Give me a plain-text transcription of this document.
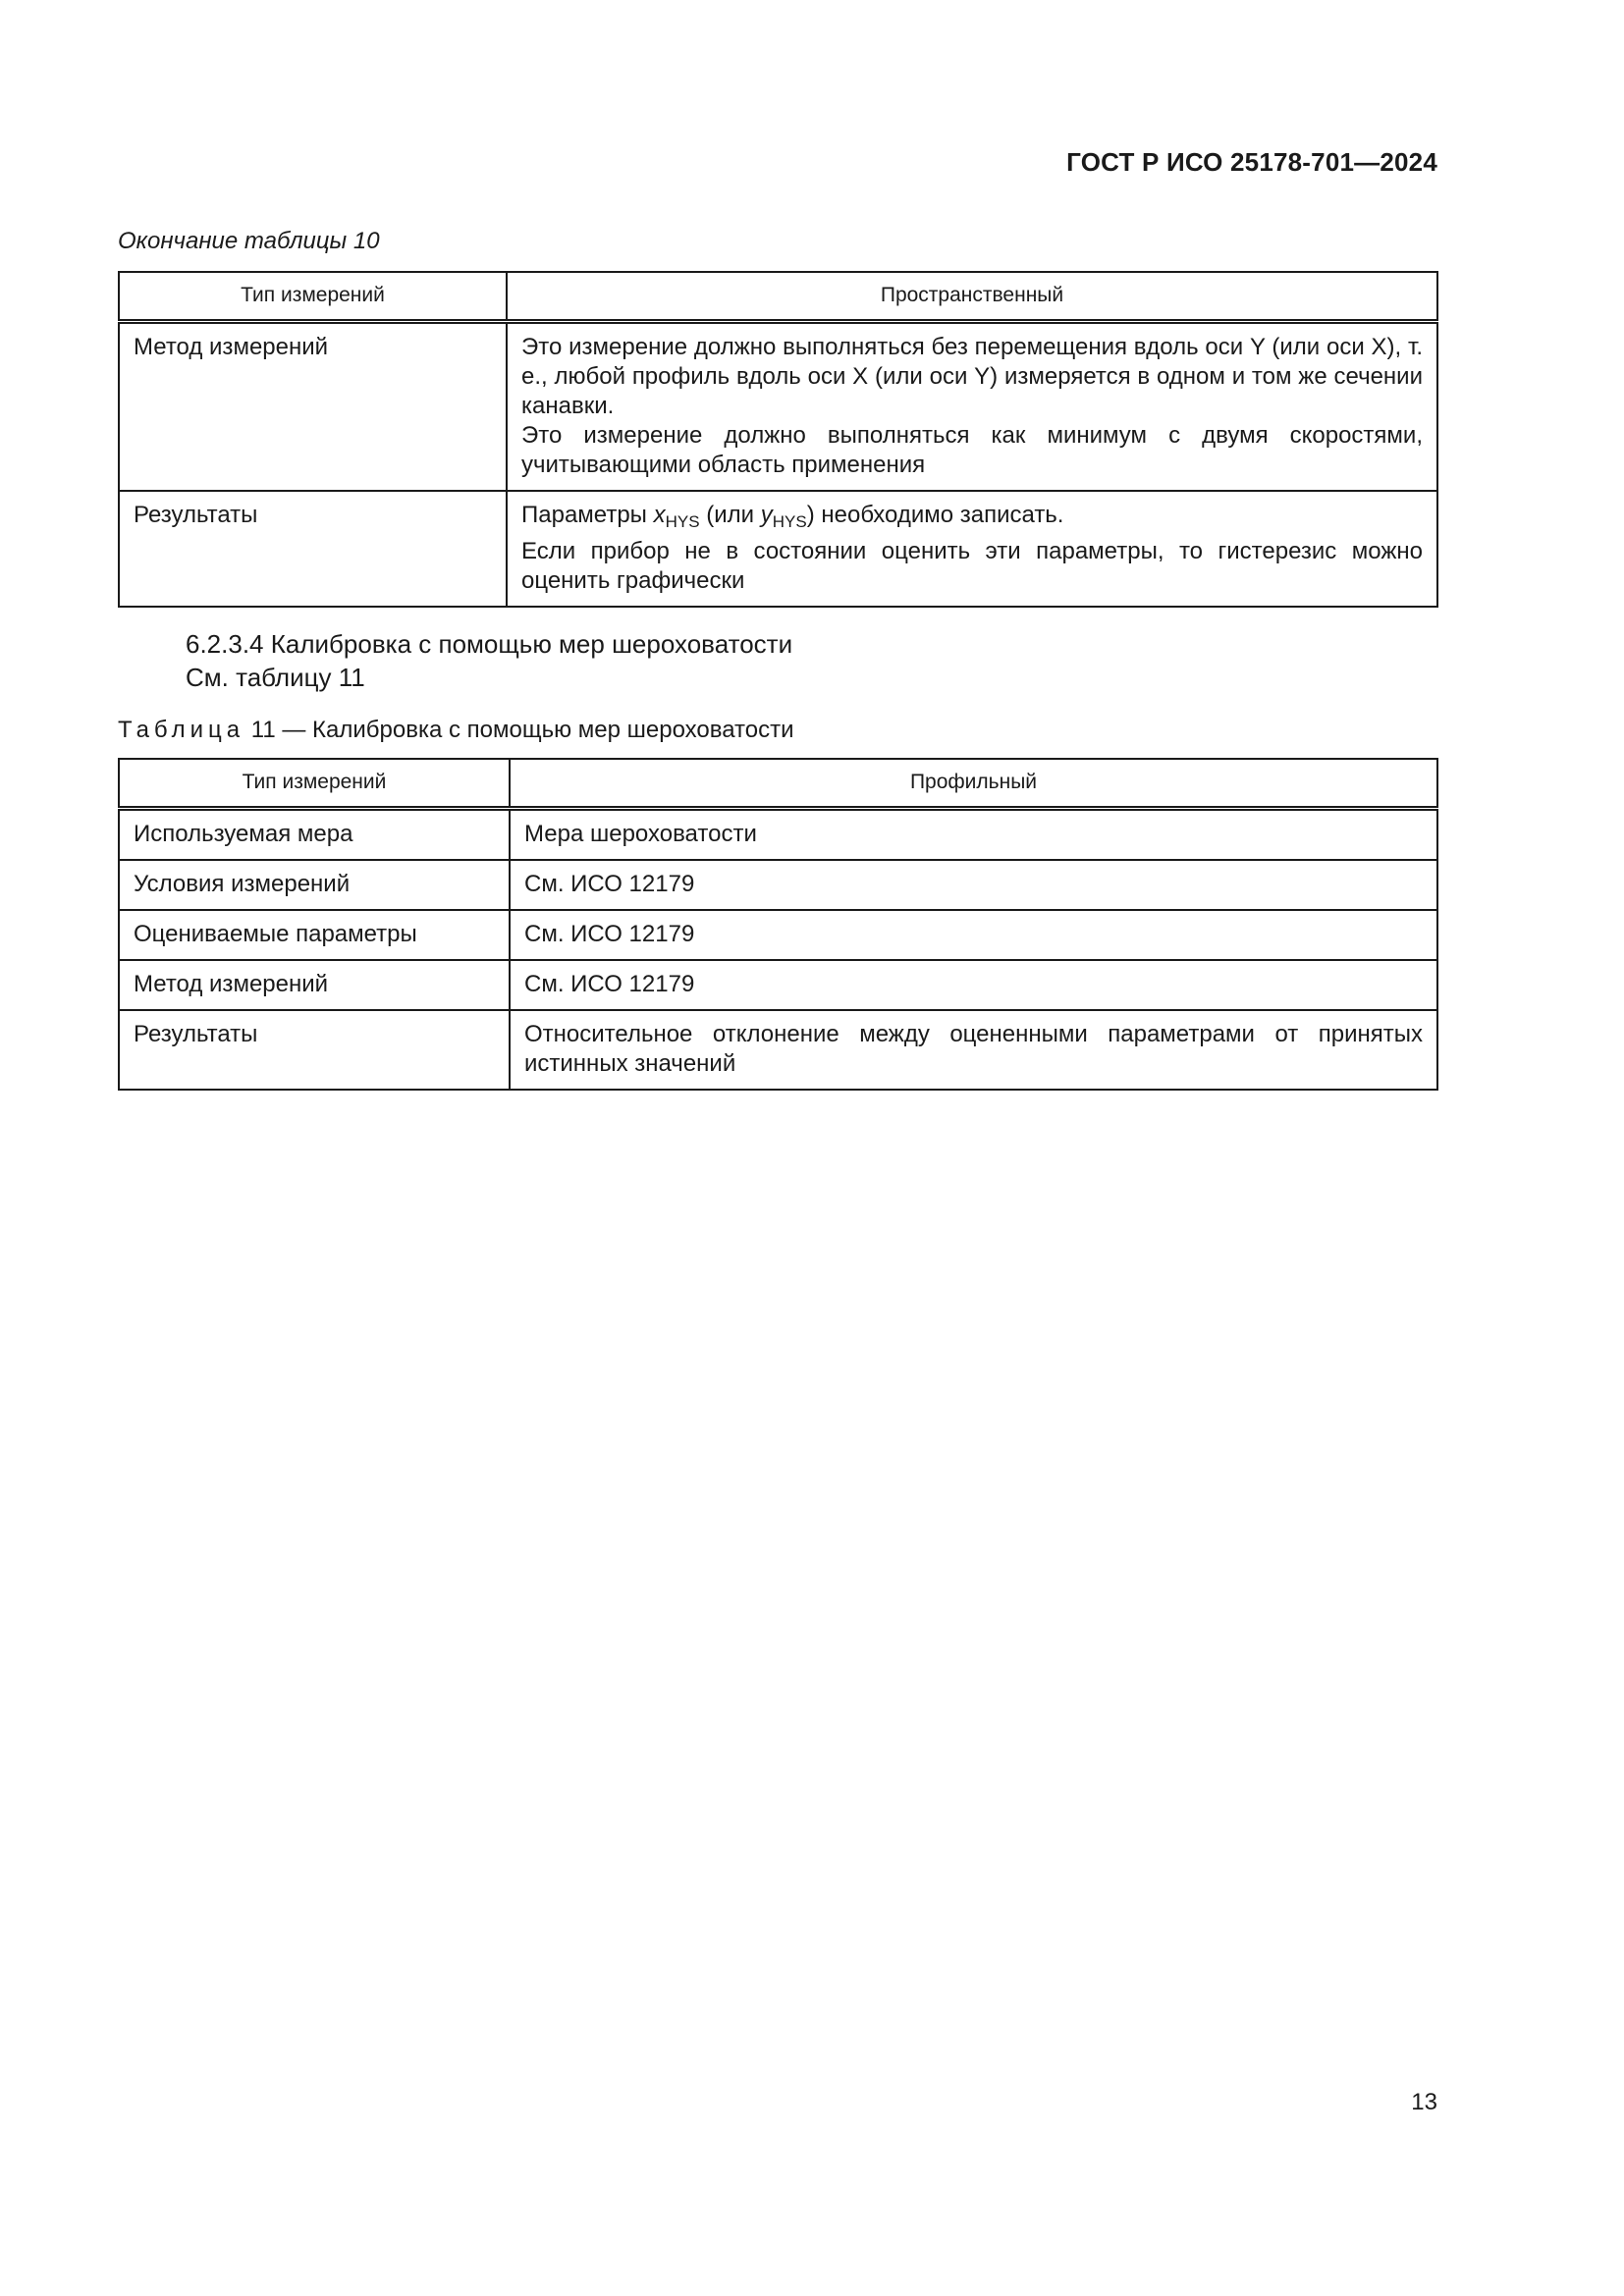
ГОСТ Р ИСО 25178-701—2024
Окончание таблицы 10
Тип измерений	Пространственный
Метод измерений	Это измерение должно выполняться без перемещения вдоль оси Y (или оси X), т. е., любой профиль вдоль оси X (или оси Y) измеряется в одном и том же сечении канавки.
Это измерение должно выполняться как минимум с двумя скоростями, учитывающими область применения

Результаты	Параметры $x_{HYS}$ (или $y_{HYS}$) необходимо записать.
Если прибор не в состоянии оценить эти параметры, то гистерезис можно оценить графически
6.2.3.4 Калибровка с помощью мер шероховатости
См. таблицу 11
Таблица 11 — Калибровка с помощью мер шероховатости
Тип измерений	Профильный
Используемая мера	Мера шероховатости
Условия измерений	См. ИСО 12179
Оцениваемые параметры	См. ИСО 12179
Метод измерений	См. ИСО 12179
Результаты	Относительное отклонение между оцененными параметрами от принятых истинных значений
13
